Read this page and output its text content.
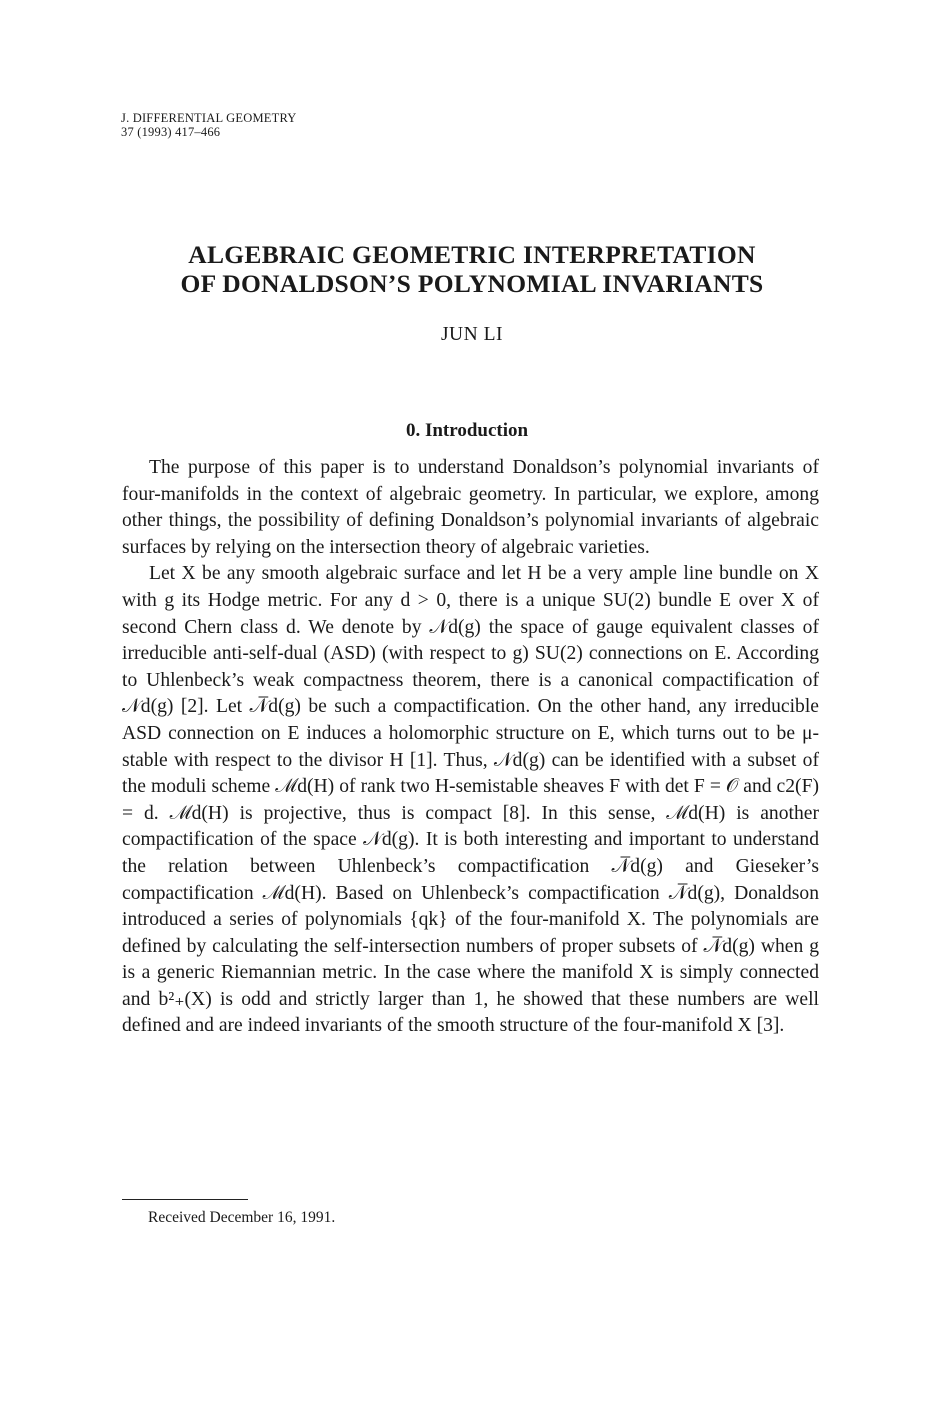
J. DIFFERENTIAL GEOMETRY
37 (1993) 417–466
ALGEBRAIC GEOMETRIC INTERPRETATION
OF DONALDSON’S POLYNOMIAL INVARIANTS
JUN LI
0. Introduction

The purpose of this paper is to understand Donaldson’s polynomial invariants of four-manifolds in the context of algebraic geometry. In particular, we explore, among other things, the possibility of defining Donaldson’s polynomial invariants of algebraic surfaces by relying on the intersection theory of algebraic varieties.

Let X be any smooth algebraic surface and let H be a very ample line bundle on X with g its Hodge metric. For any d > 0, there is a unique SU(2) bundle E over X of second Chern class d. We denote by 𝒩d(g) the space of gauge equivalent classes of irreducible anti-self-dual (ASD) (with respect to g) SU(2) connections on E. According to Uhlenbeck’s weak compactness theorem, there is a canonical compactification of 𝒩d(g) [2]. Let 𝒩̅d(g) be such a compactification. On the other hand, any irreducible ASD connection on E induces a holomorphic structure on E, which turns out to be μ-stable with respect to the divisor H [1]. Thus, 𝒩d(g) can be identified with a subset of the moduli scheme ℳd(H) of rank two H-semistable sheaves F with det F = 𝒪 and c2(F) = d. ℳd(H) is projective, thus is compact [8]. In this sense, ℳd(H) is another compactification of the space 𝒩d(g). It is both interesting and important to understand the relation between Uhlenbeck’s compactification 𝒩̅d(g) and Gieseker’s compactification ℳd(H). Based on Uhlenbeck’s compactification 𝒩̅d(g), Donaldson introduced a series of polynomials {qk} of the four-manifold X. The polynomials are defined by calculating the self-intersection numbers of proper subsets of 𝒩̅d(g) when g is a generic Riemannian metric. In the case where the manifold X is simply connected and b²₊(X) is odd and strictly larger than 1, he showed that these numbers are well defined and are indeed invariants of the smooth structure of the four-manifold X [3].

Received December 16, 1991.
